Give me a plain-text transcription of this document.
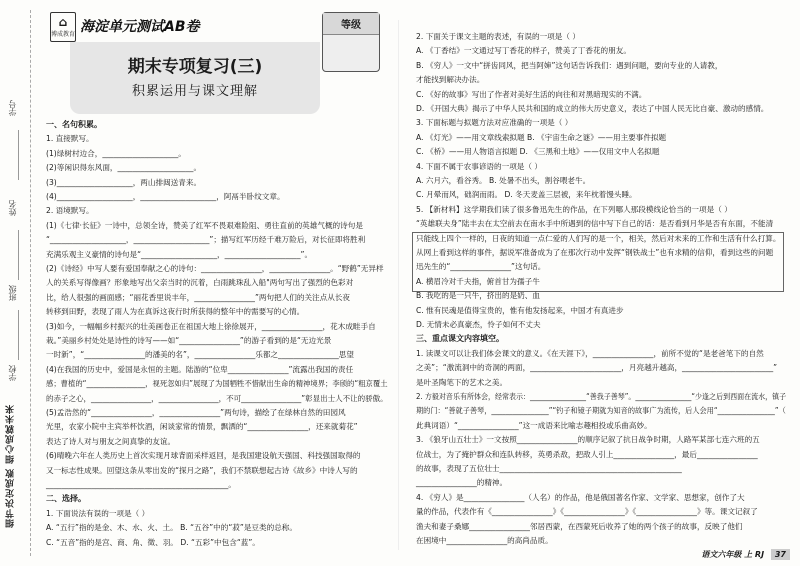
学号
姓名
班级
学校
细节决定成败 细心成就未来
⌂
博成教育 海淀单元测试AB卷
期末专项复习(三)
积累运用与课文理解
等级
一、名句积累。
1. 直接默写。
(1)绿树村边合，____________________。
(2)等闲识得东风面，____________________。
(3)____________________，两山排闼送青来。
(4)____________________，____________________，阿鬲半卧纹文章。
2. 语境默写。
(1)《七律·长征》一诗中，总领全诗，赞美了红军不畏艰难险阻、勇往直前的英雄气概的诗句是
“____________________，____________________”；描写红军历经千难万险后，对长征即将胜利
充满乐观主义豪情的诗句是“____________________，____________________”。
(2)《诗经》中写人要有爱国奉献之心的诗句：________________，________________。“野鹤”无异样
人的关系写得像画？形象地写出父亲当时的沉着，白雨跳珠乱入船"两句写出了强烈的色彩对
比，给人很强的画面感；“丽花香里说丰年，________________”两句把人们的关注点从长夜
转移到田野，表现了雨人为在真诉这夜行时所获得的整年中的需要写的心情。
(3)如今，一幅幅乡村振兴的壮美画卷正在祖国大地上徐徐展开，________________，花木成畦手自
栽。”美丽乡村处处是诗性的诗写——如“________________”的游子看到的是“无边光景
一时新”，“________________的潘美的名”，________________乐都之________________思望
(4)在我国的历史中，爱国是永恒的主题。陆游的“位卑________________”流露出我国的责任
感；曹植的“________________，视死忽如归”展现了为国牺牲不惜献出生命的精神境界；李颀的“粗京覆土
的赤子之心，________________，________________，不可________________”彰显出士人不让的骄傲。
(5)孟浩然的“________________，________________”两句诗，描绘了在绿林自然的田园风
光里，农家小院中主宾举杯饮酒，闲谈家常的情景，飘洒的“________________，还来就菊花”
表达了诗人对与朋友之间真挚的友谊。
(6)晴晚六年在人类历史上首次实现月球背面采样返回，是我国建设航天强国、科技强国取得的
又一标志性成果。回望这条从零出发的“探月之路”，我们不禁联想起古诗《故乡》中诗人写的
________________________________________________。
二、选择。
1. 下面说法有误的一项是（ ）
A. “五行”指的是金、木、水、火、土。 B. “五谷”中的“菽”是豆类的总称。
C. “五音”指的是宫、商、角、徵、羽。 D. “五彩”中包含“蓝”。
2. 下面关于课文主题的表述，有误的一项是（ ）
A. 《丁香结》一文通过写丁香花的样子，赞美了丁香花的朋友。
B. 《穷人》一文中“拼齿同风，把当阿婶”这句话告诉我们：遇到问题，要向专业的人请教，
才能找到解决办法。
C. 《好的故事》写出了作者对美好生活的向往和对黑暗现实的不满。
D. 《开国大典》揭示了中华人民共和国的成立的伟大历史意义，表达了中国人民无比自豪、激动的感情。
3. 下面标题与拟题方法对应准确的一项是（ ）
A. 《灯光》——用文章线索拟题 B. 《宇宙生命之谜》——用主要事件拟题
C. 《桥》——用人物语言拟题 D. 《三黑和土地》——仅用文中人名拟题
4. 下面不属于农事谚语的一项是（ ）
A. 六月六，看谷秀。 B. 处暑不出头，割谷喂老牛。
C. 月晕而风，础润而雨。 D. 冬天麦盖三层被，来年枕着馒头睡。
5. 【新材料】这学期我们读了很多鲁迅先生的作品，在下列哪人那段模线论恰当的一项是（ ）
“英雄联夫身”陆丰去在太空前去在南水手中所遇到的信中写下自己的话：是否看到月华是否有东面，不能清
只能线上四个一样的，日夜的知道一点仁爱的人们写的是一个，相关，然后对未来的工作和生活有什么打算。
从网上看到这样的事件，据说军准备成为了在那次行动中发挥“钢铁战士”也有求精的信仰，看到这些的问题
迅先生的“________________”这句话。
A. 横眉冷对千夫指，俯首甘为孺子牛
B. 我吃的是一只牛，挤出的是奶、血
C. 惟有民魂是值得宝贵的，惟有他发扬起来，中国才有真进步
D. 无情未必真豪杰，怜子如何不丈夫
三、重点课文内容填空。
1. 读课文可以让我们体会课文的意义。《在天涯下》，________________，前所不觉的“是老爸笔下的自然
之美”；“激流洞中的奇洞的两面，________________________，月亮越升越高，________________________”
是叶圣陶笔下的艺术之美。
2. 方毅对音乐有所体会，经常表示：________________“善我子善琴”。________________“少逢之后到西面在流水，镇子
期的门：“善就子善琴，________________”“钓子和镜子期就为知音的故事广为流传，后人会用“________________”（
此典词语）“________________”这一成语来比喻志趣相投或乐曲高妙。
3. 《狼牙山五壮士》一文按照________________的顺序记叙了抗日战争时期，人路军某部七连六班的五
位战士，为了掩护群众和连队转移，英勇杀敌，把敌人引上________________，最后________________
的故事，表现了五位壮士________________________________________________
________________的精神。
4. 《穷人》是________________（人名）的作品，他是俄国著名作家、文学家、思想家，创作了大
量的作品，代表作有《________________》《________________》《________________》等。课文记叙了
渔夫和妻子桑娜________________邻居西蒙，在西蒙死后收养了她的两个孩子的故事，反映了他们
在困境中________________的高尚品质。
语文六年级 上 RJ 37
